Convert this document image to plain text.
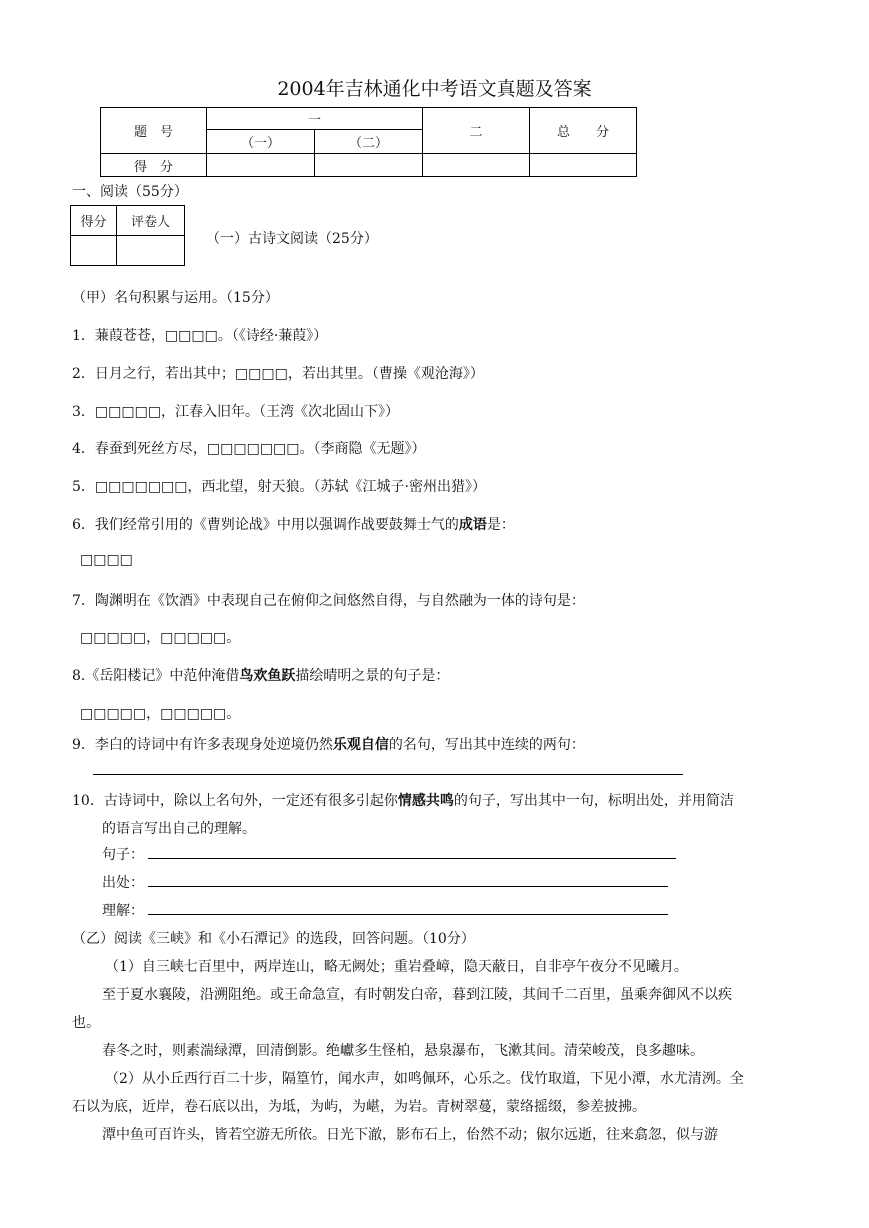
2004年吉林通化中考语文真题及答案
题　号	一		二	总　　分
	（一）	（二）		
得　分				
一、阅读（55分）
得分	评卷人

（一）古诗文阅读（25分）
（甲）名句积累与运用。（15分）
1．蒹葭苍苍，□□□□。（《诗经·蒹葭》）
2．日月之行，若出其中；□□□□，若出其里。（曹操《观沧海》）
3．□□□□□，江春入旧年。（王湾《次北固山下》）
4．春蚕到死丝方尽，□□□□□□□。（李商隐《无题》）
5．□□□□□□□，西北望，射天狼。（苏轼《江城子·密州出猎》）
6．我们经常引用的《曹刿论战》中用以强调作战要鼓舞士气的成语是：
□□□□
7．陶渊明在《饮酒》中表现自己在俯仰之间悠然自得，与自然融为一体的诗句是：
□□□□□，□□□□□。
8.《岳阳楼记》中范仲淹借鸟欢鱼跃描绘晴明之景的句子是：
□□□□□，□□□□□。
9．李白的诗词中有许多表现身处逆境仍然乐观自信的名句，写出其中连续的两句：
10．古诗词中，除以上名句外，一定还有很多引起你情感共鸣的句子，写出其中一句，标明出处，并用简洁
的语言写出自己的理解。
句子：
出处：
理解：
（乙）阅读《三峡》和《小石潭记》的选段，回答问题。（10分）
（1）自三峡七百里中，两岸连山，略无阙处；重岩叠嶂，隐天蔽日，自非亭午夜分不见曦月。
至于夏水襄陵，沿溯阻绝。或王命急宣，有时朝发白帝，暮到江陵，其间千二百里，虽乘奔御风不以疾
也。
春冬之时，则素湍绿潭，回清倒影。绝巘多生怪柏，悬泉瀑布，飞漱其间。清荣峻茂，良多趣味。
（2）从小丘西行百二十步，隔篁竹，闻水声，如鸣佩环，心乐之。伐竹取道，下见小潭，水尤清洌。全
石以为底，近岸，卷石底以出，为坻，为屿，为嵁，为岩。青树翠蔓，蒙络摇缀，参差披拂。
潭中鱼可百许头，皆若空游无所依。日光下澈，影布石上，佁然不动；俶尔远逝，往来翕忽，似与游
